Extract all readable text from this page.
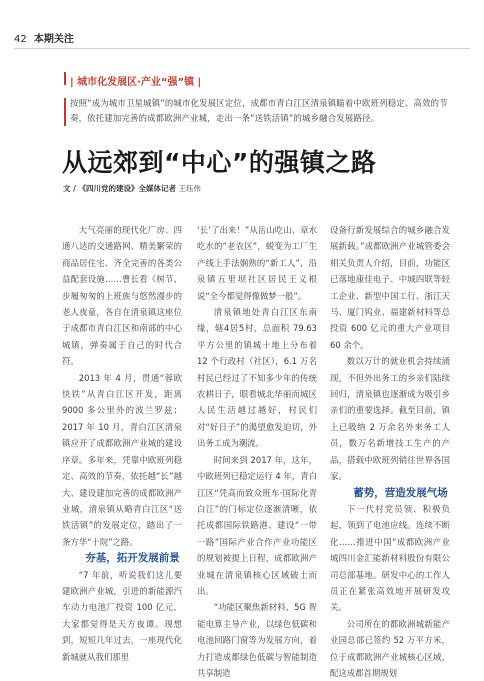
42 本期关注
| 城市化发展区·产业“强”镇 |
按照“成为城市卫星城镇”的城市化发展区定位，成都市青白江区清泉镇瞄着中欧班列稳定、高效的节奏，依托建加完善的成都欧洲产业城，走出一条“送铁活镇”的城乡融合发展路径。
从远郊到“中心”的强镇之路
文 / 《四川党的建设》全媒体记者 王珏伟

大气亮丽的现代化厂房、四通八达的交通路网、精美繁荣的商品居住宅、齐全完善的各类公益配套设施……曹长看《树节、步履匆匆的上班族与悠然漫步的老人夜童，各自在清泉镇这座位于成都市青白江区和南部的中心城镇，弹奏属于自己的时代合符。

2013 年 4 月，贯通“蓉欧快铁”从青白江区开发，距离 9000 多公里外的波兰罗兹；2017 年 10 月，青白江区清泉镇应开了成都欧洲产业城的建设序章。多年来，凭靠中欧班列稳定、高效的节奏，依托越“长”越大、建设建加完善的成都欧洲产业城，清泉镇从略青白江区“送铁活镇”的发展定位，踏出了一条方华“十院”之路。

夯基，拓开发展前景

“7 年前，听说我们这儿要建欧洲产业城，引进的新能源汽车动力电池厂投资 100 亿元，大家都觉得是天方夜谭。现想到，短短几年过去，一座现代化新城就从我们那里

‘长’了出来！”从岳山吃山、章水吃水的“老农区”，蜕变为工厂生产线上手法娴熟的“新工人”，沿泉镇五里坝社区居民王义根说“全今都觉得像做梦一般”。

清泉镇地处青白江区东南缘，辖4居5村，总面积 79.63 平方公里的镇城十地上分布着 12 个行政村（社区），6.1 万名村民已经过了不知多少年的传统农耕日子，眼看城北华丽而城区人民生活越过越好，村民们对“好日子”的渴望愈发迫切，外出务工成为潮流。

时间来到 2017 年，这年，中欧班列已稳定运行 4 年，青白江区“凭高而致众班车·国际化青白江”的门标定位逐渐清晰，依托成都国际铁路港、建设“一带一路”国际产业合作产业功能区的规划被提上日程，成都欧洲产业城在清泉镇核心区域破土而出。

“功能区聚焦新材料、5G 智能电算主导产业，以绿色低碳和电池回路门窗等为发展方向，着力打造成都绿色低碳与智能制造共享制造

设备行新发展综合的城乡融合发展新载。”成都欧洲产业城管委会相关负责人介绍，目前，功能区已落地康佳电子、中城四联等轻工企业、新型中国工行、浙江天马、厦门钨业、福建新材料等总投资 600 亿元的重大产业项目 60 余个。

数以万计的就业机会持续涌现，不但外出务工的乡亲们陆续回归，清泉镇也逐渐成为吸引乡亲们的重要选择。截至目前，镇上已吸纳 2 万余名外来务工人员，数万名新增技工生产的产品，搭载中欧班列销往世界各国家。

蓄势，营造发展气场

下一代村党员领、积极负起，领到了电池应线。连续不断化……推进中国“成都欧洲产业城四川金汇能新材料股份有限公司总部基地。研发中心的工作人员正在紧张高效地开展研发攻关。

公司所在的都欧洲城新能产业园总部已签约 52 万平方米，位于成都欧洲产业城核心区域，配这成都首期规划
